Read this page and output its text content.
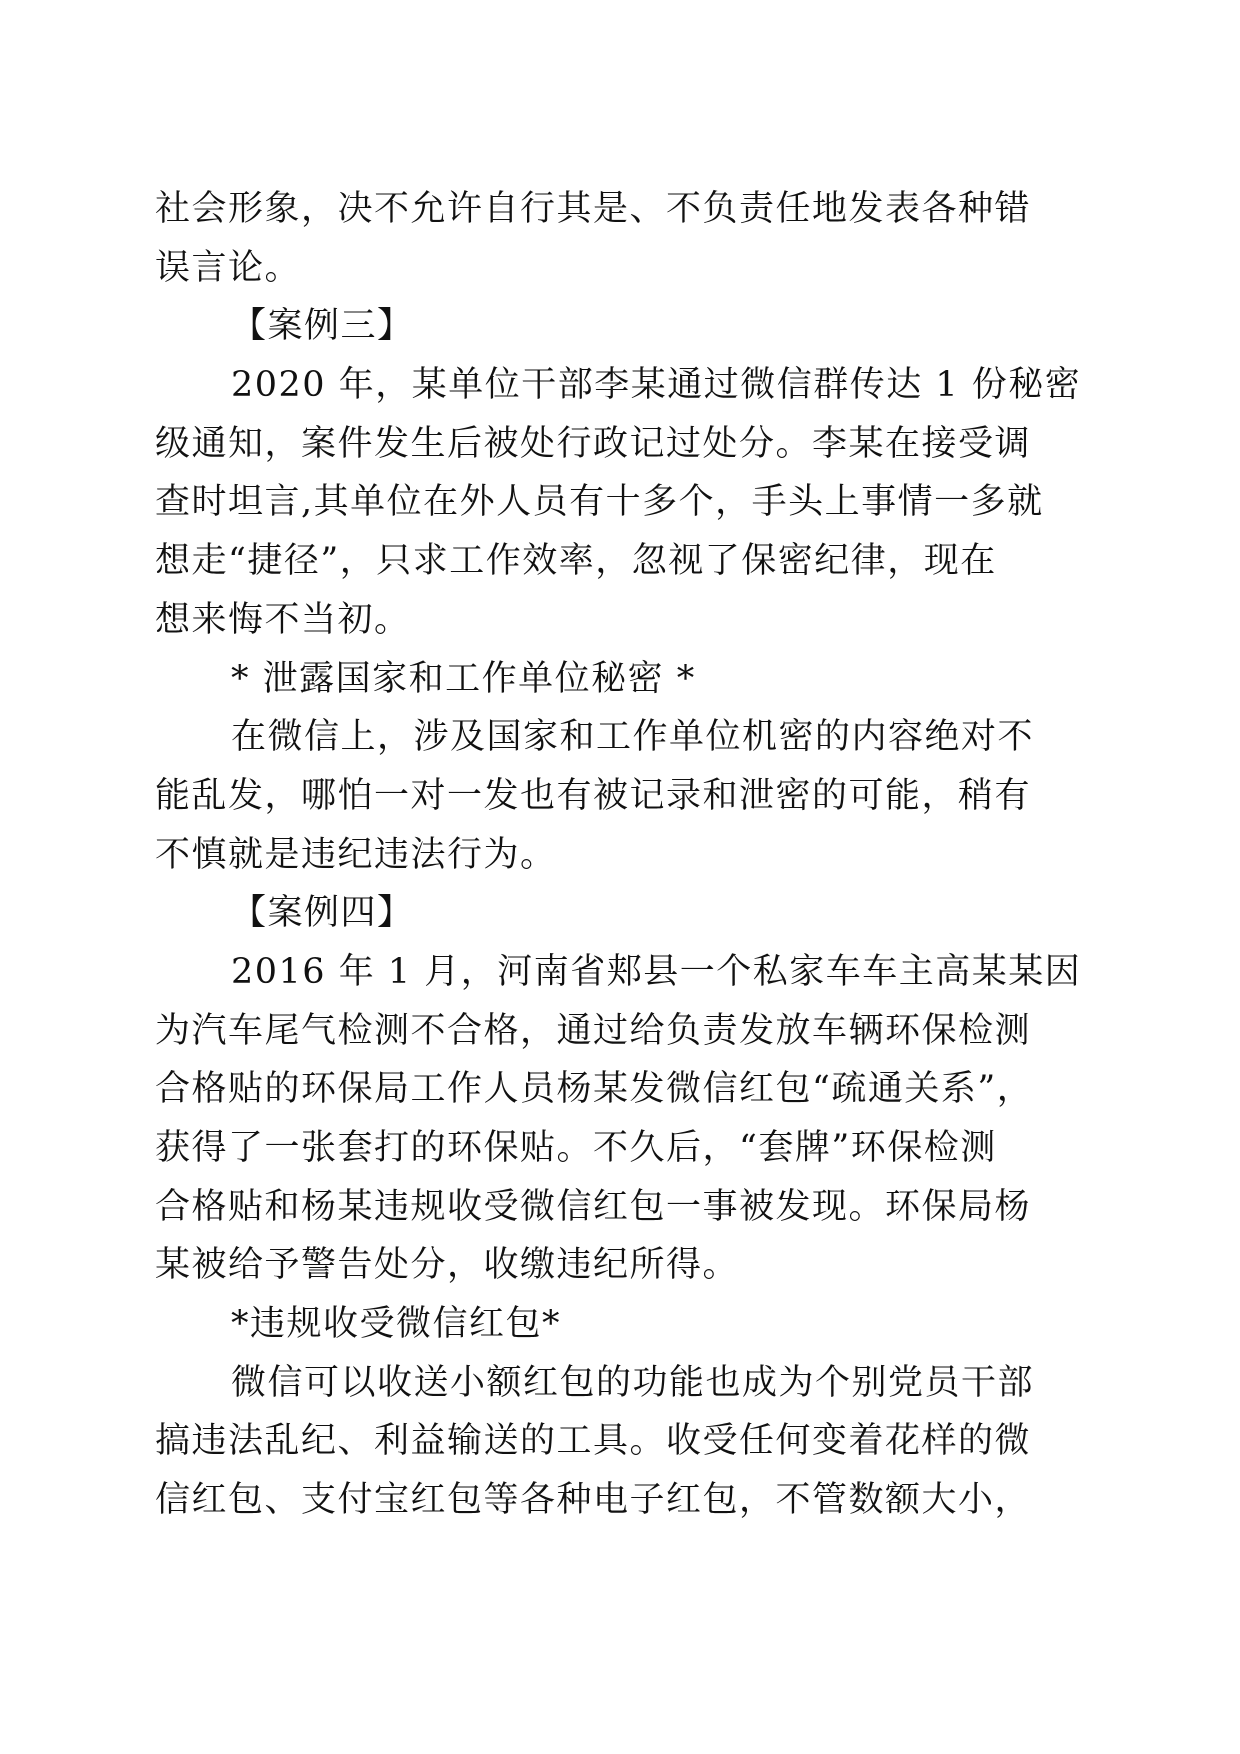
社会形象，决不允许自行其是、不负责任地发表各种错
误言论。
【案例三】
2020 年，某单位干部李某通过微信群传达 1 份秘密
级通知，案件发生后被处行政记过处分。李某在接受调
查时坦言,其单位在外人员有十多个，手头上事情一多就
想走“捷径”，只求工作效率，忽视了保密纪律，现在
想来悔不当初。
* 泄露国家和工作单位秘密 *
在微信上，涉及国家和工作单位机密的内容绝对不
能乱发，哪怕一对一发也有被记录和泄密的可能，稍有
不慎就是违纪违法行为。
【案例四】
2016 年 1 月，河南省郏县一个私家车车主高某某因
为汽车尾气检测不合格，通过给负责发放车辆环保检测
合格贴的环保局工作人员杨某发微信红包“疏通关系”，
获得了一张套打的环保贴。不久后，“套牌”环保检测
合格贴和杨某违规收受微信红包一事被发现。环保局杨
某被给予警告处分，收缴违纪所得。
*违规收受微信红包*
微信可以收送小额红包的功能也成为个别党员干部
搞违法乱纪、利益输送的工具。收受任何变着花样的微
信红包、支付宝红包等各种电子红包，不管数额大小，
